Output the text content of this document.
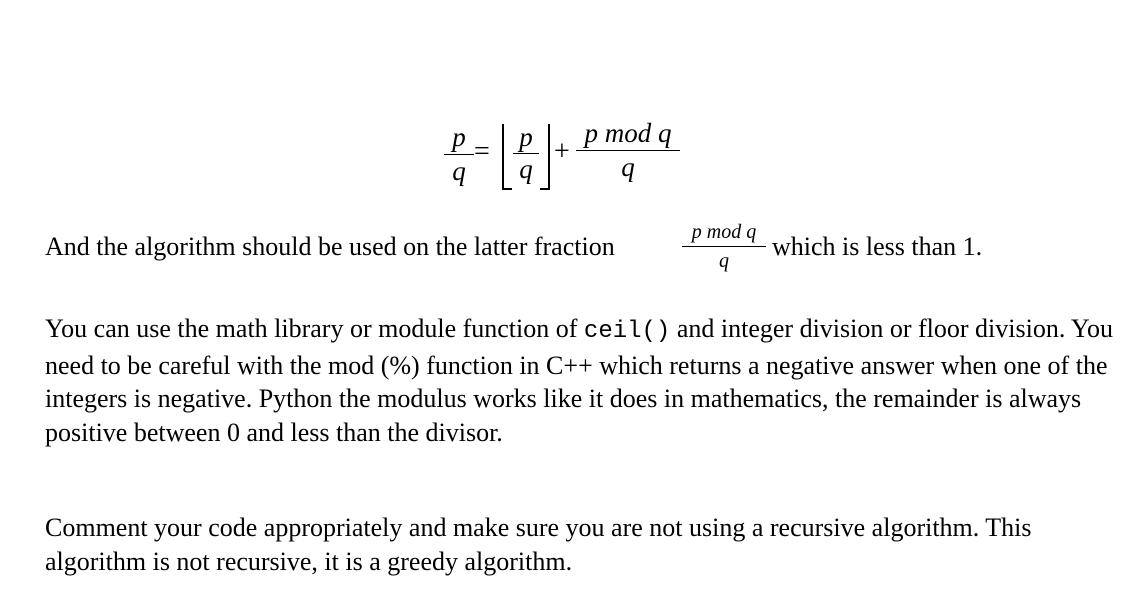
p
q
= p
q
+
p mod q
q
And the algorithm should be used on the latter fraction	p mod q
q	which is less than 1.
You can use the math library or module function of ceil() and integer division or floor division. You need to be careful with the mod (%) function in C++ which returns a negative answer when one of the integers is negative. Python the modulus works like it does in mathematics, the remainder is always positive between 0 and less than the divisor.
Comment your code appropriately and make sure you are not using a recursive algorithm. This algorithm is not recursive, it is a greedy algorithm.
